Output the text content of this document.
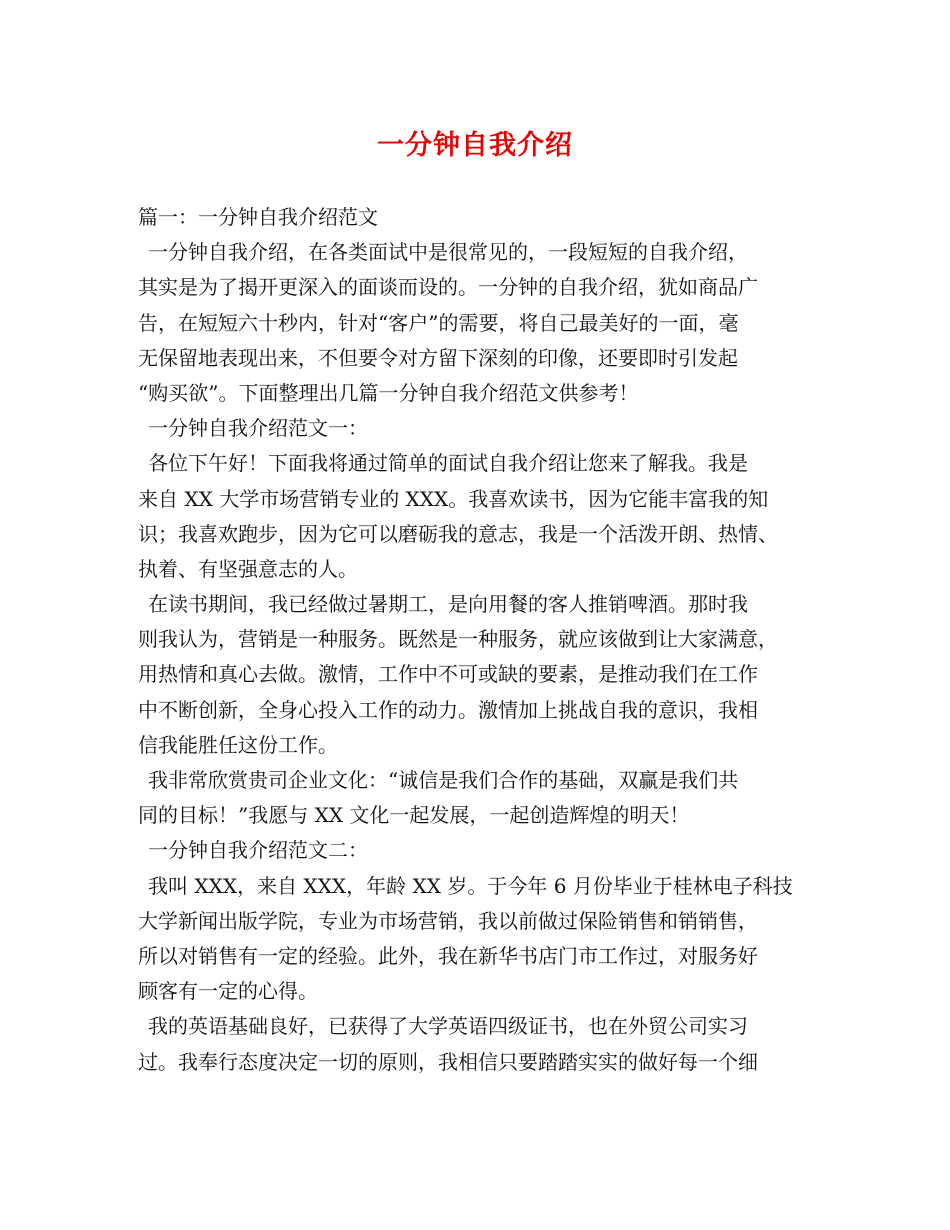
一分钟自我介绍
篇一：一分钟自我介绍范文
一分钟自我介绍，在各类面试中是很常见的，一段短短的自我介绍，
其实是为了揭开更深入的面谈而设的。一分钟的自我介绍，犹如商品广
告，在短短六十秒内，针对“客户”的需要，将自己最美好的一面，毫
无保留地表现出来，不但要令对方留下深刻的印像，还要即时引发起
“购买欲”。下面整理出几篇一分钟自我介绍范文供参考！
一分钟自我介绍范文一：
各位下午好！下面我将通过简单的面试自我介绍让您来了解我。我是
来自 XX 大学市场营销专业的 XXX。我喜欢读书，因为它能丰富我的知
识；我喜欢跑步，因为它可以磨砺我的意志，我是一个活泼开朗、热情、
执着、有坚强意志的人。
在读书期间，我已经做过暑期工，是向用餐的客人推销啤酒。那时我
则我认为，营销是一种服务。既然是一种服务，就应该做到让大家满意，
用热情和真心去做。激情，工作中不可或缺的要素，是推动我们在工作
中不断创新，全身心投入工作的动力。激情加上挑战自我的意识，我相
信我能胜任这份工作。
我非常欣赏贵司企业文化：“诚信是我们合作的基础，双赢是我们共
同的目标！”我愿与 XX 文化一起发展，一起创造辉煌的明天！
一分钟自我介绍范文二：
我叫 XXX，来自 XXX，年龄 XX 岁。于今年 6 月份毕业于桂林电子科技
大学新闻出版学院，专业为市场营销，我以前做过保险销售和销销售，
所以对销售有一定的经验。此外，我在新华书店门市工作过，对服务好
顾客有一定的心得。
我的英语基础良好，已获得了大学英语四级证书，也在外贸公司实习
过。我奉行态度决定一切的原则，我相信只要踏踏实实的做好每一个细
